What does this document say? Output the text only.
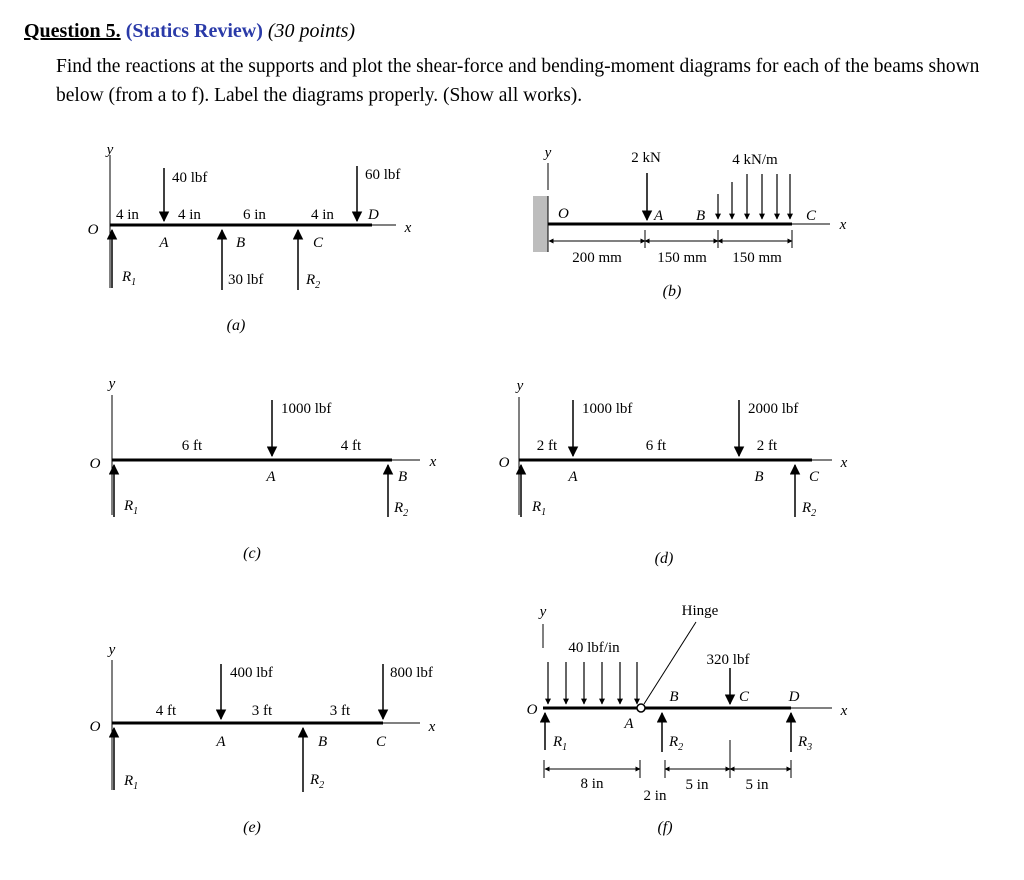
Question 5. (Statics Review) (30 points)
Find the reactions at the supports and plot the shear-force and bending-moment diagrams for each of the beams shown below (from a to f). Label the diagrams properly. (Show all works).
y
x
O
40 lbf	60 lbf
4 in	4 in	6 in	4 in D
A	B	C
$R_1$	30 lbf	$R_2$
(a)
y
x
O
2 kN
A B	C
4 kN/m
200 mm 150 mm 150 mm
(b)
y
x
O
1000 lbf
6 ft	4 ft
A	B
$R_1$	$R_2$
(c)
y
x
O
1000 lbf	2000 lbf
2 ft	6 ft	2 ft
A	B	C
$R_1$	$R_2$
(d)
y
x
O
400 lbf	800 lbf
4 ft	3 ft	3 ft
A	B	C
$R_1$	$R_2$
(e)
y
x
O
40 lbf/in
Hinge
A
B	C	D
320 lbf
$R_1$	$R_2$	$R_3$
8 in
2 in
5 in 5 in
(f)
